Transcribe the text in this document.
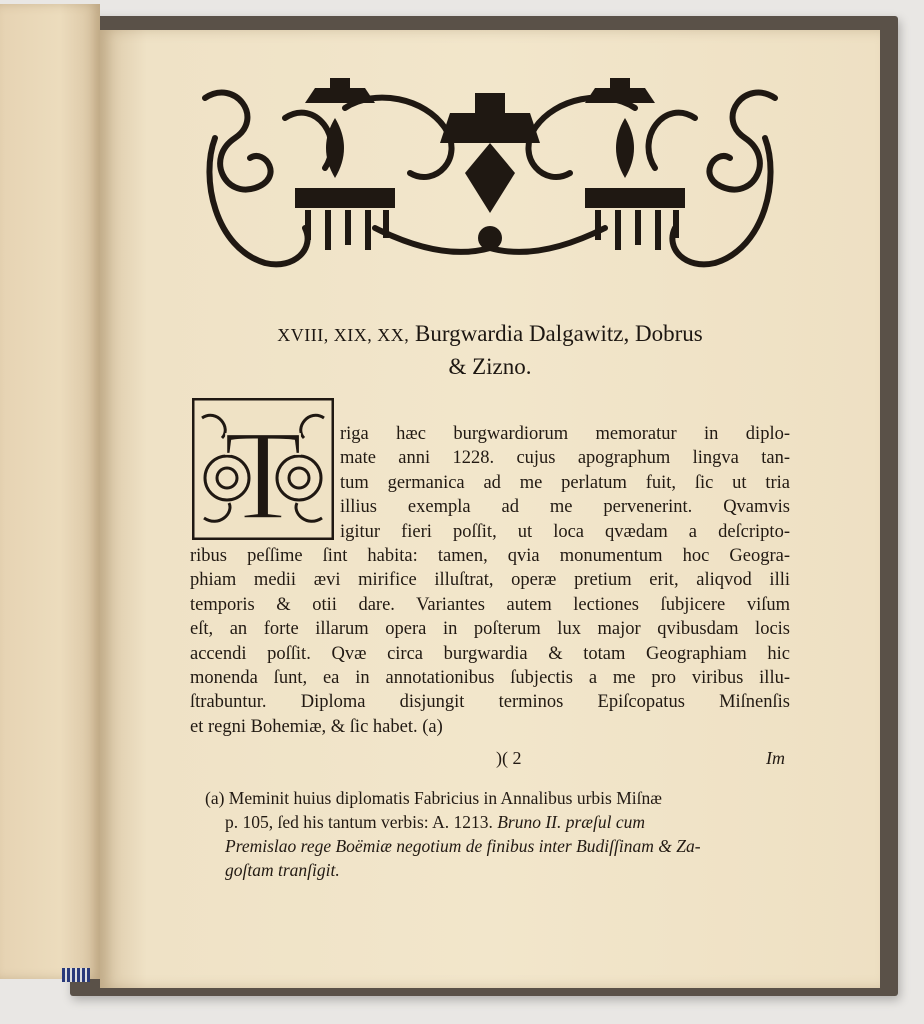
XVIII, XIX, XX, Burgwardia Dalgawitz, Dobrus
& Zizno.
T	riga hæc burgwardiorum memoratur in diplo-
mate anni 1228. cujus apographum lingva tan-
tum germanica ad me perlatum fuit, ſic ut tria
illius exempla ad me pervenerint. Qvamvis
igitur fieri poſſit, ut loca qvædam a deſcripto-
ribus peſſime ſint habita: tamen, qvia monumentum hoc Geogra-
phiam medii ævi mirifice illuſtrat, operæ pretium erit, aliqvod illi
temporis & otii dare. Variantes autem lectiones ſubjicere viſum
eſt, an forte illarum opera in poſterum lux major qvibusdam locis
accendi poſſit. Qvæ circa burgwardia & totam Geographiam hic
monenda ſunt, ea in annotationibus ſubjectis a me pro viribus illu-
ſtrabuntur. Diploma disjungit terminos Epiſcopatus Miſnenſis
et regni Bohemiæ, & ſic habet. (a)
)( 2	Im
(a) Meminit huius diplomatis Fabricius in Annalibus urbis Miſnæ
p. 105, ſed his tantum verbis: A. 1213. Bruno II. præſul cum
Premislao rege Boëmiæ negotium de finibus inter Budiſſinam & Za-
goſtam tranſigit.
